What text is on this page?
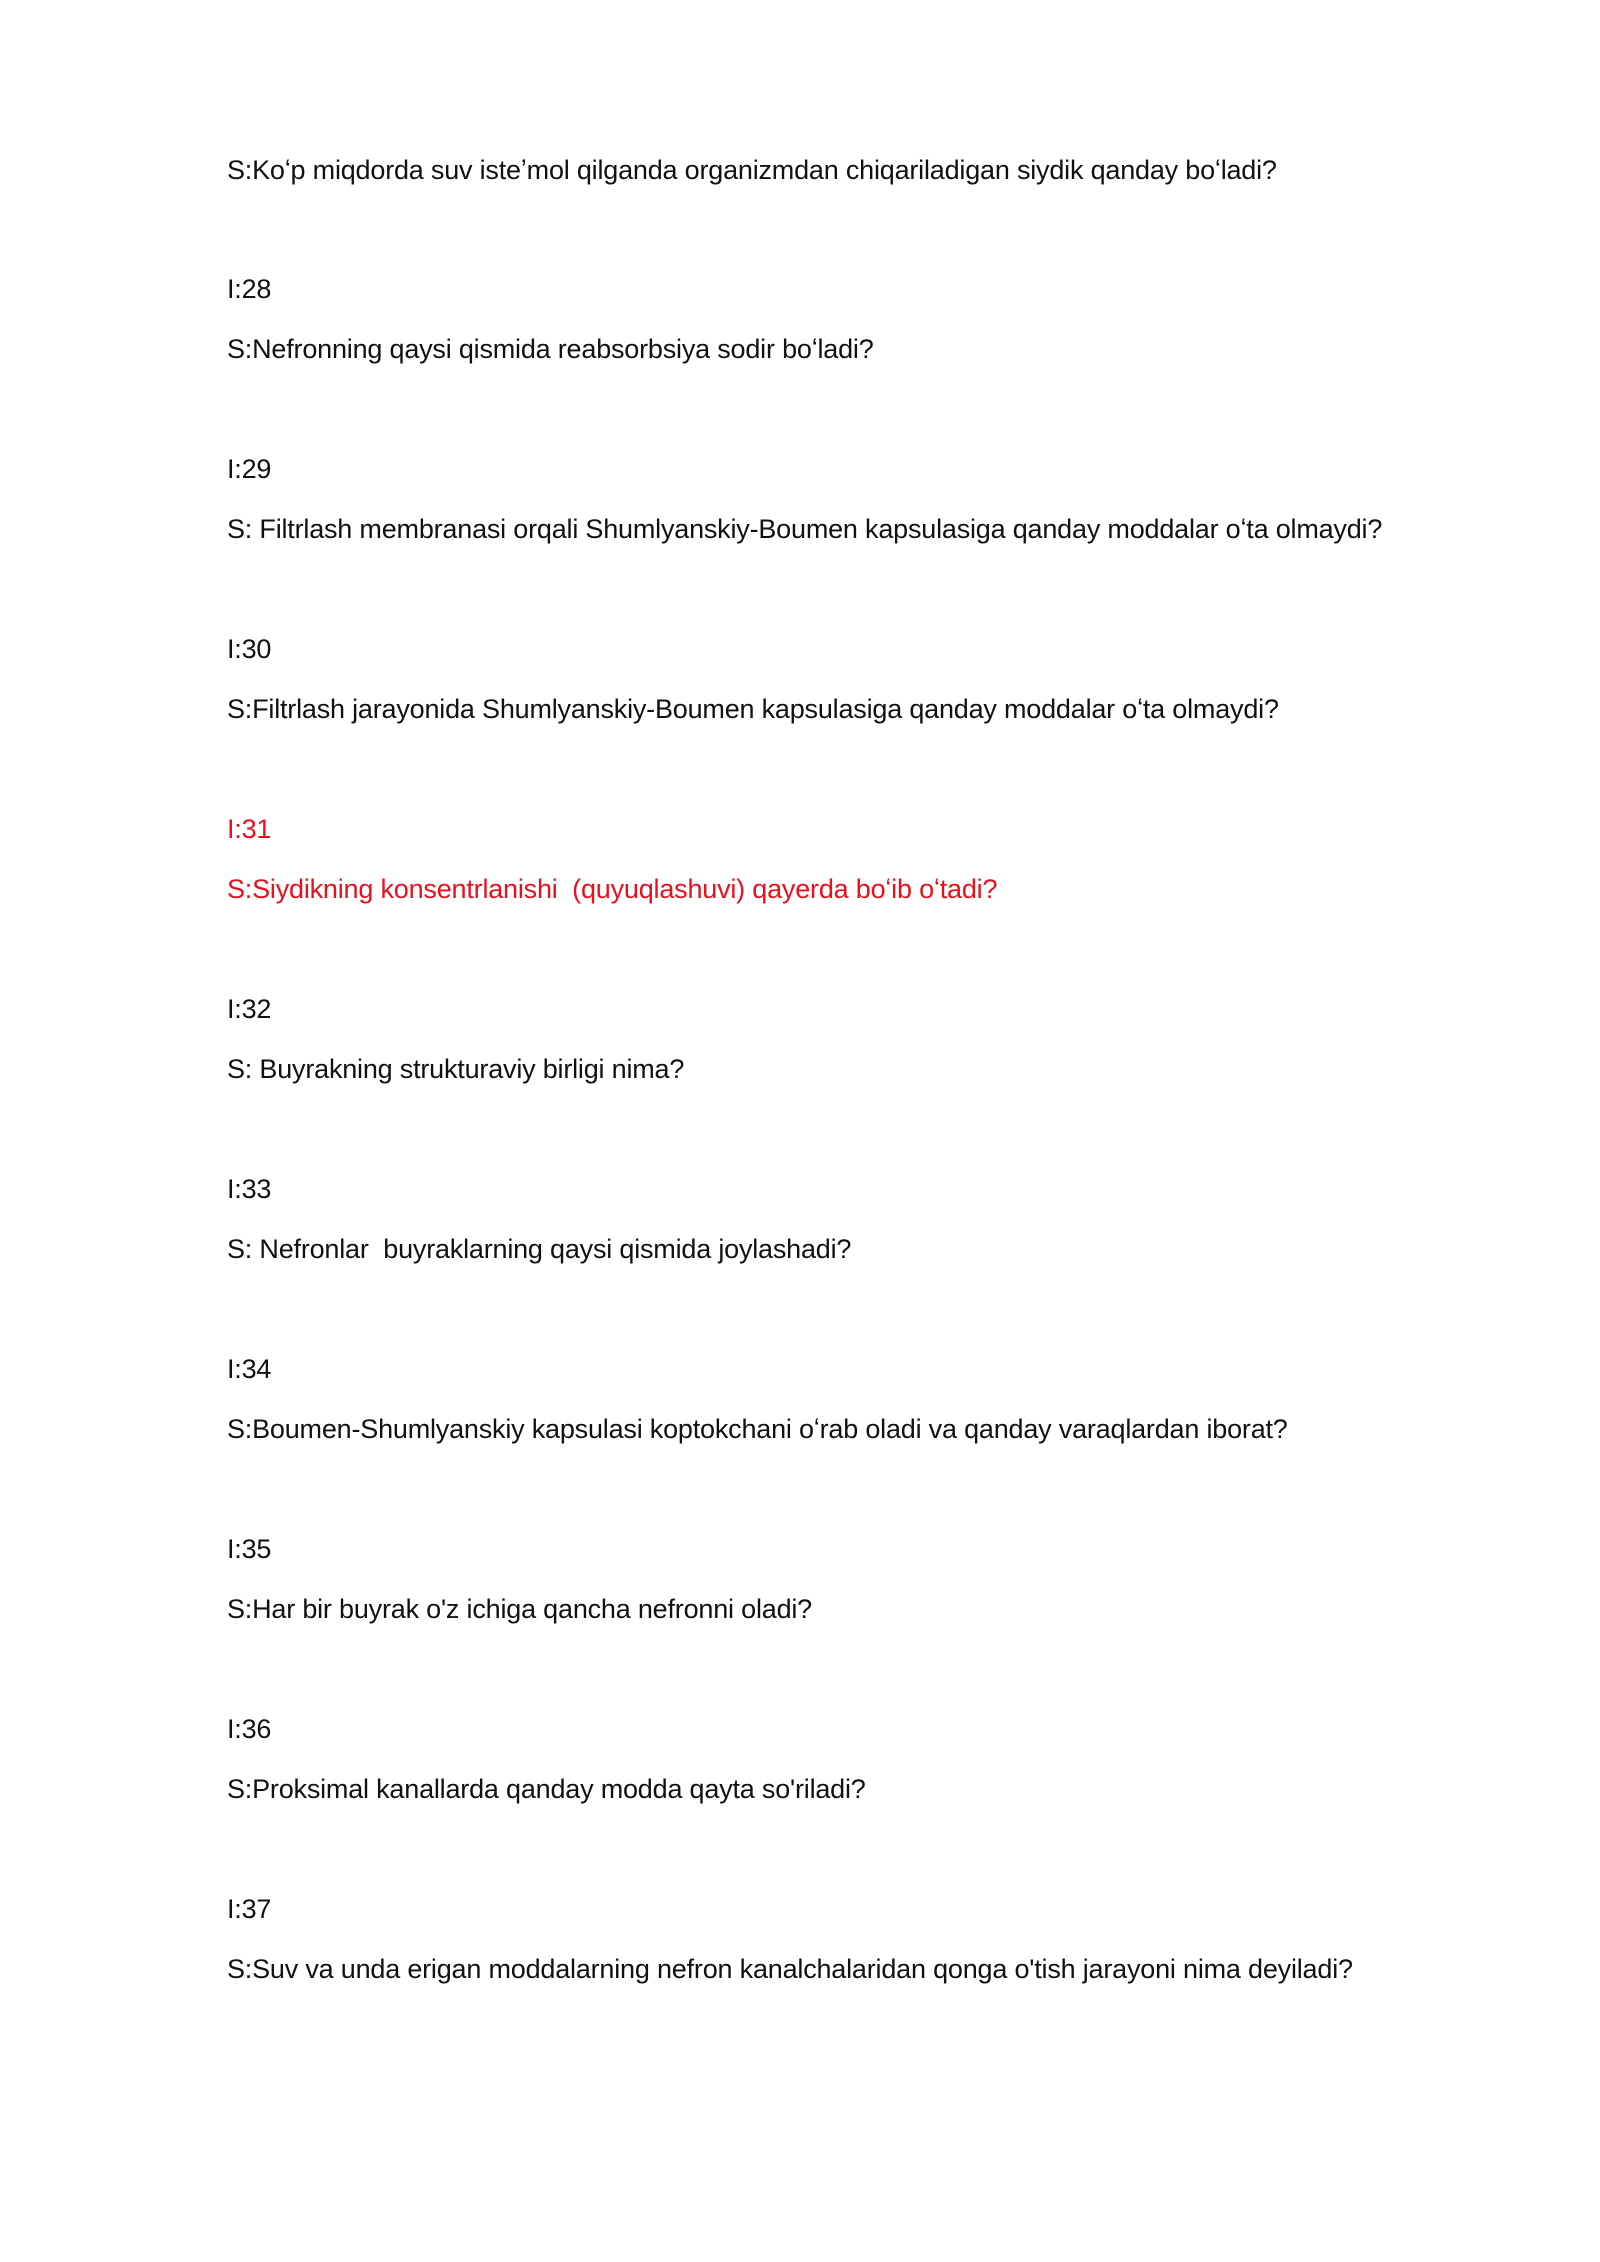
S:Koʻp miqdorda suv isteʼmol qilganda organizmdan chiqariladigan siydik qanday boʻladi?
I:28
S:Nefronning qaysi qismida reabsorbsiya sodir boʻladi?
I:29
S: Filtrlash membranasi orqali Shumlyanskiy-Boumen kapsulasiga qanday moddalar oʻta olmaydi?
I:30
S:Filtrlash jarayonida Shumlyanskiy-Boumen kapsulasiga qanday moddalar oʻta olmaydi?
I:31
S:Siydikning konsentrlanishi  (quyuqlashuvi) qayerda boʻib oʻtadi?
I:32
S: Buyrakning strukturaviy birligi nima?
I:33
S: Nefronlar  buyraklarning qaysi qismida joylashadi?
I:34
S:Boumen-Shumlyanskiy kapsulasi koptokchani oʻrab oladi va qanday varaqlardan iborat?
I:35
S:Har bir buyrak o'z ichiga qancha nefronni oladi?
I:36
S:Proksimal kanallarda qanday modda qayta so'riladi?
I:37
S:Suv va unda erigan moddalarning nefron kanalchalaridan qonga o'tish jarayoni nima deyiladi?
